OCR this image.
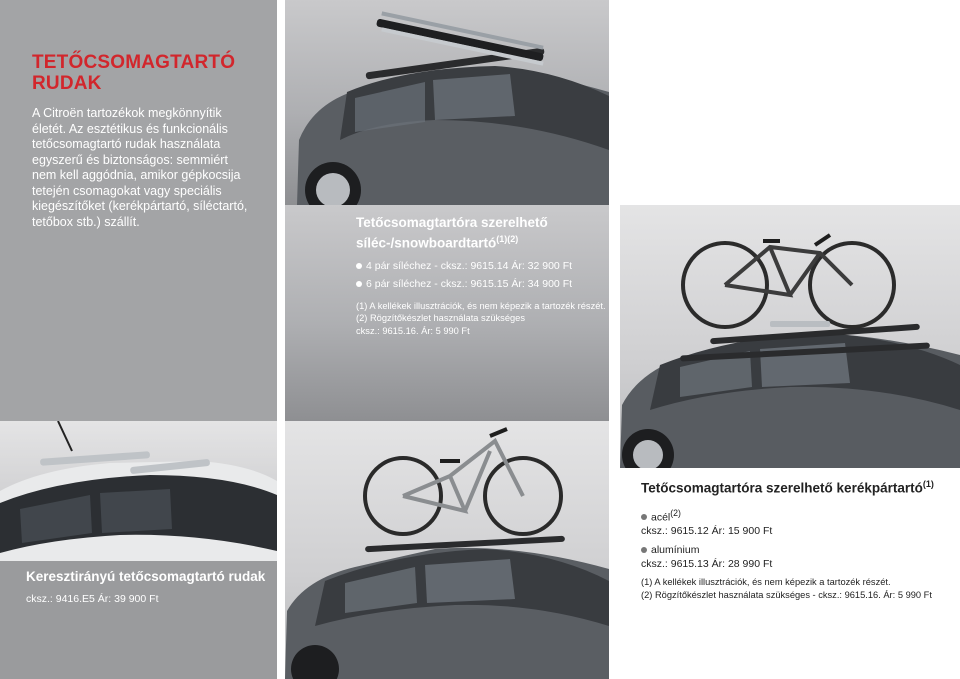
TETŐCSOMAGTARTÓ
RUDAK
A Citroën tartozékok megkönnyítik életét. Az esztétikus és funkcionális tetőcsomagtartó rudak használata egyszerű és biztonságos: semmiért nem kell aggódnia, amikor gépkocsija tetején csomagokat vagy speciális kiegészítőket (kerékpártartó, síléctartó, tetőbox stb.) szállít.	Tetőcsomagtartóra szerelhető
síléc-/snowboardtartó$^{(1)(2)}$
4 pár síléchez - cksz.: 9615.14 Ár: 32 900 Ft
6 pár síléchez - cksz.: 9615.15 Ár: 34 900 Ft
(1) A kellékek illusztrációk, és nem képezik a tartozék részét.
(2) Rögzítőkészlet használata szükséges
cksz.: 9615.16. Ár: 5 990 Ft
Tetőcsomagtartóra szerelhető kerékpártartó$^{(1)}$
acél$^{(2)}$
cksz.: 9615.12 Ár: 15 900 Ft
alumínium
cksz.: 9615.13 Ár: 28 990 Ft
(1) A kellékek illusztrációk, és nem képezik a tartozék részét.
(2) Rögzítőkészlet használata szükséges - cksz.: 9615.16. Ár: 5 990 Ft
Keresztirányú tetőcsomagtartó rudak
cksz.: 9416.E5 Ár: 39 900 Ft
